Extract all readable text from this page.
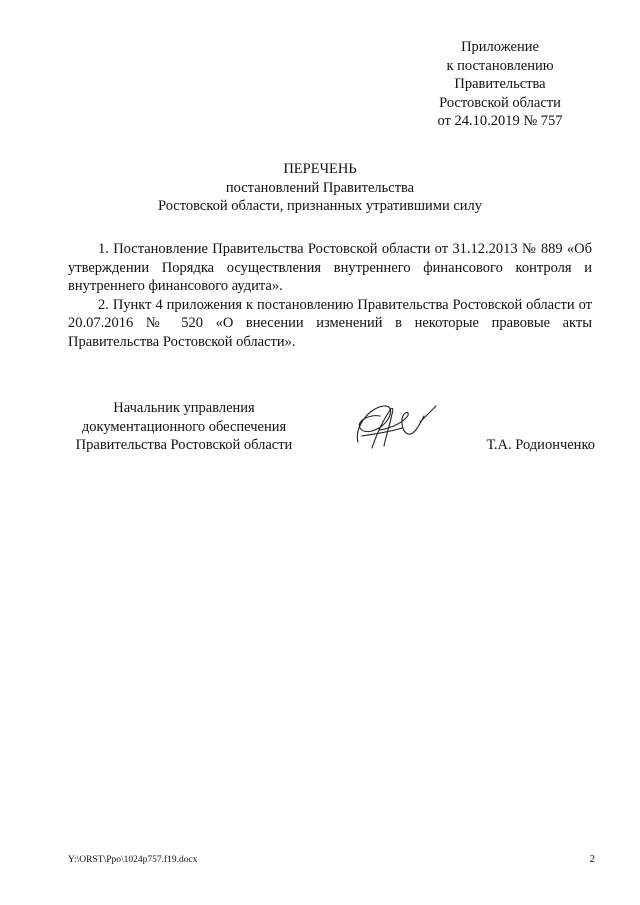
Приложение
к постановлению
Правительства
Ростовской области
от 24.10.2019 № 757
ПЕРЕЧЕНЬ
постановлений Правительства
Ростовской области, признанных утратившими силу

1. Постановление Правительства Ростовской области от 31.12.2013 № 889 «Об утверждении Порядка осуществления внутреннего финансового контроля и внутреннего финансового аудита».

2. Пункт 4 приложения к постановлению Правительства Ростовской области от 20.07.2016 № 520 «О внесении изменений в некоторые правовые акты Правительства Ростовской области».

Начальник управления
документационного обеспечения
Правительства Ростовской области	Т.А. Родионченко
Y:\ORST\Ppo\1024p757.f19.docx	2
